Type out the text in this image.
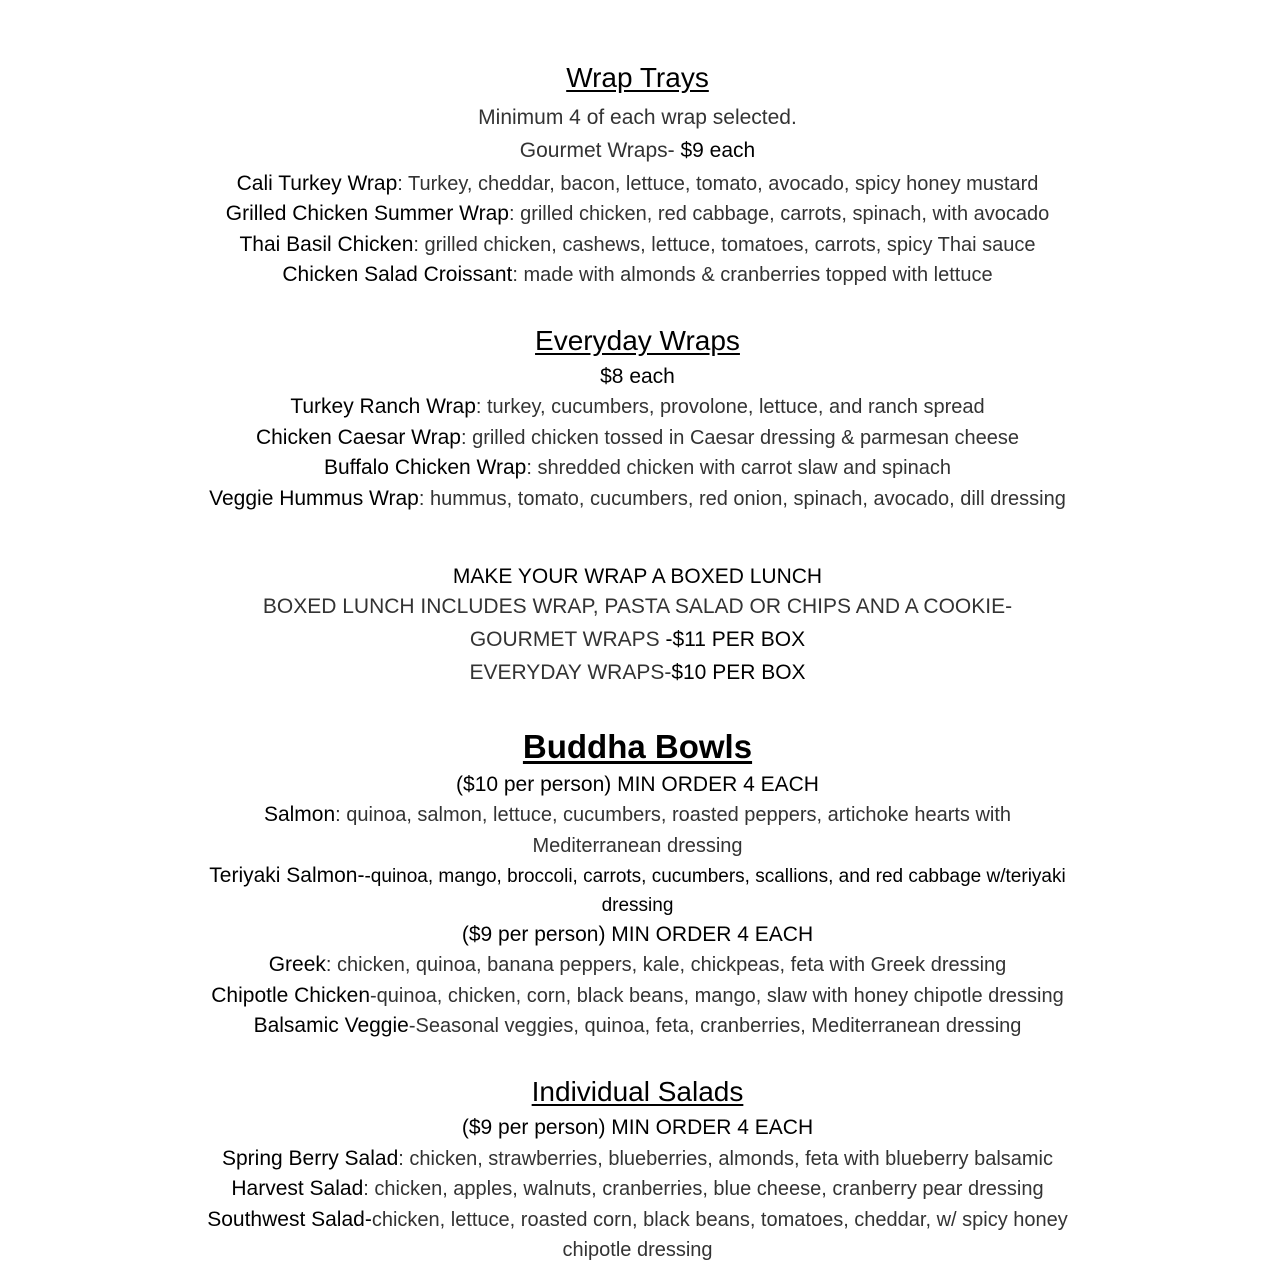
Wrap Trays
Minimum 4 of each wrap selected.
Gourmet Wraps- $9 each
Cali Turkey Wrap: Turkey, cheddar, bacon, lettuce, tomato, avocado, spicy honey mustard
Grilled Chicken Summer Wrap: grilled chicken, red cabbage, carrots, spinach, with avocado
Thai Basil Chicken: grilled chicken, cashews, lettuce, tomatoes, carrots, spicy Thai sauce
Chicken Salad Croissant: made with almonds & cranberries topped with lettuce
Everyday Wraps
$8 each
Turkey Ranch Wrap: turkey, cucumbers, provolone, lettuce, and ranch spread
Chicken Caesar Wrap: grilled chicken tossed in Caesar dressing & parmesan cheese
Buffalo Chicken Wrap: shredded chicken with carrot slaw and spinach
Veggie Hummus Wrap: hummus, tomato, cucumbers, red onion, spinach, avocado, dill dressing
MAKE YOUR WRAP A BOXED LUNCH
BOXED LUNCH INCLUDES WRAP, PASTA SALAD OR CHIPS AND A COOKIE-
GOURMET WRAPS -$11 PER BOX
EVERYDAY WRAPS-$10 PER BOX
Buddha Bowls
($10 per person) MIN ORDER 4 EACH
Salmon: quinoa, salmon, lettuce, cucumbers, roasted peppers, artichoke hearts with
Mediterranean dressing
Teriyaki Salmon--quinoa, mango, broccoli, carrots, cucumbers, scallions, and red cabbage w/teriyaki
dressing
($9 per person) MIN ORDER 4 EACH
Greek: chicken, quinoa, banana peppers, kale, chickpeas, feta with Greek dressing
Chipotle Chicken-quinoa, chicken, corn, black beans, mango, slaw with honey chipotle dressing
Balsamic Veggie-Seasonal veggies, quinoa, feta, cranberries, Mediterranean dressing
Individual Salads
($9 per person) MIN ORDER 4 EACH
Spring Berry Salad: chicken, strawberries, blueberries, almonds, feta with blueberry balsamic
Harvest Salad: chicken, apples, walnuts, cranberries, blue cheese, cranberry pear dressing
Southwest Salad-chicken, lettuce, roasted corn, black beans, tomatoes, cheddar, w/ spicy honey
chipotle dressing
